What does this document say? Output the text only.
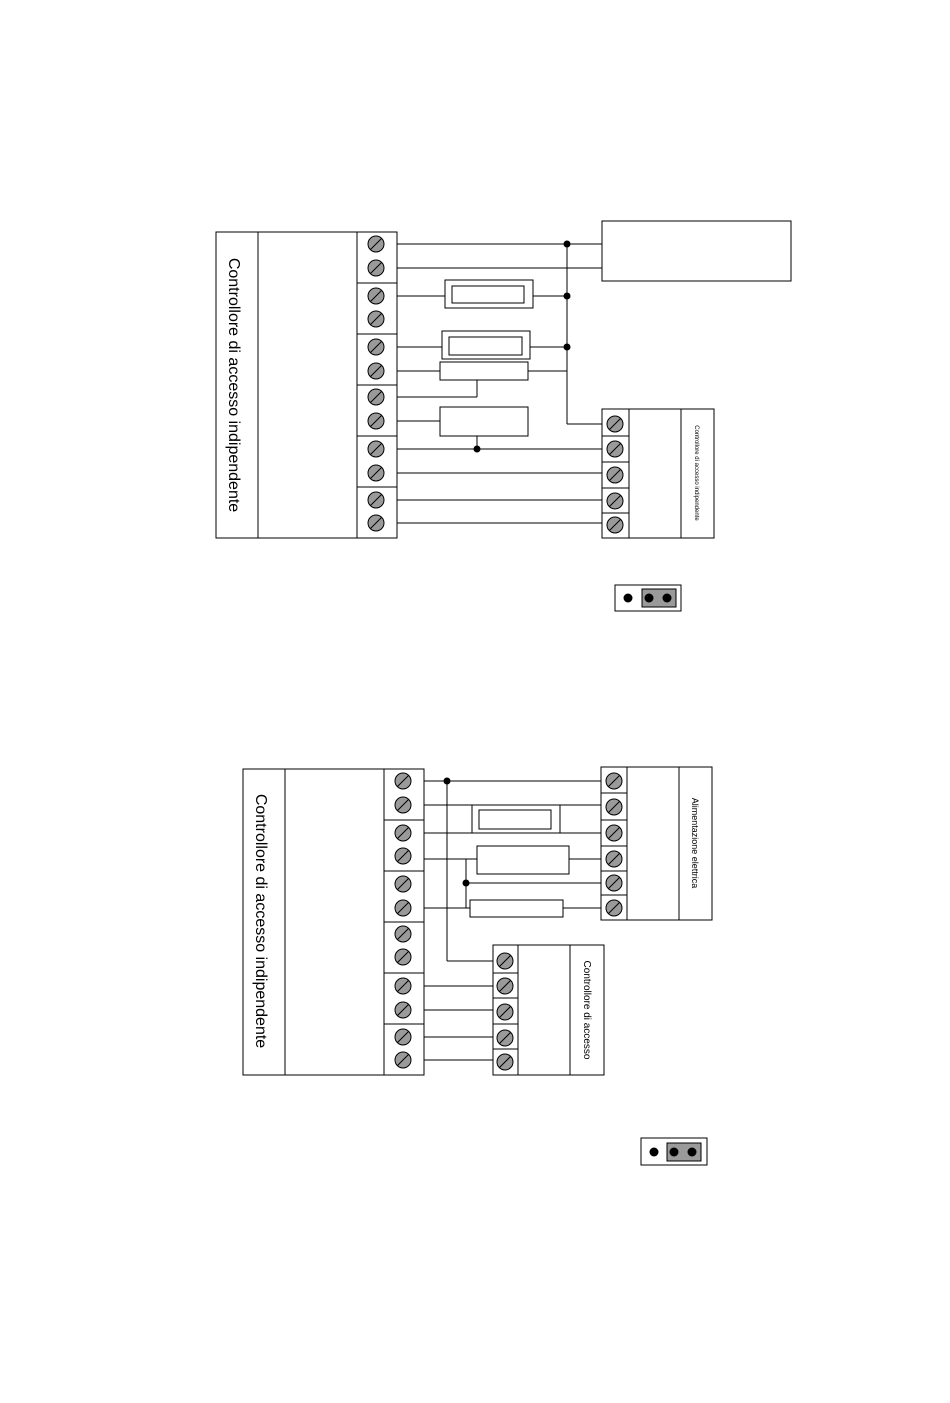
Controllore di accesso indipendente	Controllore di accesso indipendente
Controllore di accesso indipendente	Alimentazione elettrica
Controllore di accesso
